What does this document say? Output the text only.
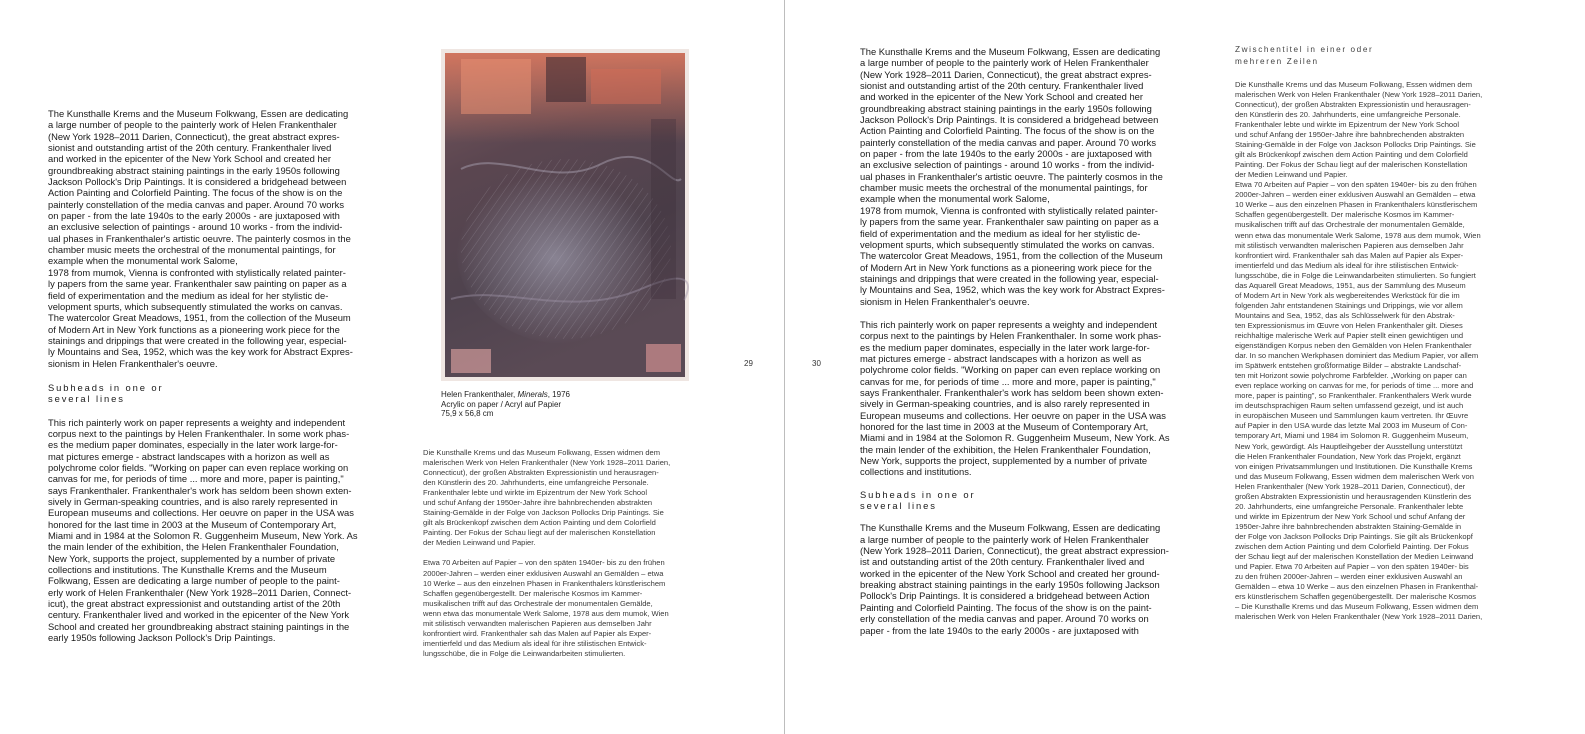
The Kunsthalle Krems and the Museum Folkwang, Essen are dedicating
a large number of people to the painterly work of Helen Frankenthaler
(New York 1928–2011 Darien, Connecticut), the great abstract expres-
sionist and outstanding artist of the 20th century. Frankenthaler lived
and worked in the epicenter of the New York School and created her
groundbreaking abstract staining paintings in the early 1950s following
Jackson Pollock's Drip Paintings. It is considered a bridgehead between
Action Painting and Colorfield Painting. The focus of the show is on the
painterly constellation of the media canvas and paper. Around 70 works
on paper - from the late 1940s to the early 2000s - are juxtaposed with
an exclusive selection of paintings - around 10 works - from the individ-
ual phases in Frankenthaler's artistic oeuvre. The painterly cosmos in the
chamber music meets the orchestral of the monumental paintings, for
example when the monumental work Salome,
1978 from mumok, Vienna is confronted with stylistically related painter-
ly papers from the same year. Frankenthaler saw painting on paper as a
field of experimentation and the medium as ideal for her stylistic de-
velopment spurts, which subsequently stimulated the works on canvas.
The watercolor Great Meadows, 1951, from the collection of the Museum
of Modern Art in New York functions as a pioneering work piece for the
stainings and drippings that were created in the following year, especial-
ly Mountains and Sea, 1952, which was the key work for Abstract Expres-
sionism in Helen Frankenthaler's oeuvre.

Subheads in one or
several lines

This rich painterly work on paper represents a weighty and independent
corpus next to the paintings by Helen Frankenthaler. In some work phas-
es the medium paper dominates, especially in the later work large-for-
mat pictures emerge - abstract landscapes with a horizon as well as
polychrome color fields. "Working on paper can even replace working on
canvas for me, for periods of time ... more and more, paper is painting,"
says Frankenthaler. Frankenthaler's work has seldom been shown exten-
sively in German-speaking countries, and is also rarely represented in
European museums and collections. Her oeuvre on paper in the USA was
honored for the last time in 2003 at the Museum of Contemporary Art,
Miami and in 1984 at the Solomon R. Guggenheim Museum, New York. As
the main lender of the exhibition, the Helen Frankenthaler Foundation,
New York, supports the project, supplemented by a number of private
collections and institutions. The Kunsthalle Krems and the Museum
Folkwang, Essen are dedicating a large number of people to the paint-
erly work of Helen Frankenthaler (New York 1928–2011 Darien, Connect-
icut), the great abstract expressionist and outstanding artist of the 20th
century. Frankenthaler lived and worked in the epicenter of the New York
School and created her groundbreaking abstract staining paintings in the
early 1950s following Jackson Pollock's Drip Paintings.

Helen Frankenthaler, Minerals, 1976
Acrylic on paper / Acryl auf Papier
75,9 x 56,8 cm

Die Kunsthalle Krems und das Museum Folkwang, Essen widmen dem
malerischen Werk von Helen Frankenthaler (New York 1928–2011 Darien,
Connecticut), der großen Abstrakten Expressionistin und herausragen-
den Künstlerin des 20. Jahrhunderts, eine umfangreiche Personale.
Frankenthaler lebte und wirkte im Epizentrum der New York School
und schuf Anfang der 1950er-Jahre ihre bahnbrechenden abstrakten
Staining-Gemälde in der Folge von Jackson Pollocks Drip Paintings. Sie
gilt als Brückenkopf zwischen dem Action Painting und dem Colorfield
Painting. Der Fokus der Schau liegt auf der malerischen Konstellation
der Medien Leinwand und Papier.

Etwa 70 Arbeiten auf Papier – von den späten 1940er- bis zu den frühen
2000er-Jahren – werden einer exklusiven Auswahl an Gemälden – etwa
10 Werke – aus den einzelnen Phasen in Frankenthalers künstlerischem
Schaffen gegenübergestellt. Der malerische Kosmos im Kammer-
musikalischen trifft auf das Orchestrale der monumentalen Gemälde,
wenn etwa das monumentale Werk Salome, 1978 aus dem mumok, Wien
mit stilistisch verwandten malerischen Papieren aus demselben Jahr
konfrontiert wird. Frankenthaler sah das Malen auf Papier als Exper-
imentierfeld und das Medium als ideal für ihre stilistischen Entwick-
lungsschübe, die in Folge die Leinwandarbeiten stimulierten.

29	30

The Kunsthalle Krems and the Museum Folkwang, Essen are dedicating
a large number of people to the painterly work of Helen Frankenthaler
(New York 1928–2011 Darien, Connecticut), the great abstract expres-
sionist and outstanding artist of the 20th century. Frankenthaler lived
and worked in the epicenter of the New York School and created her
groundbreaking abstract staining paintings in the early 1950s following
Jackson Pollock's Drip Paintings. It is considered a bridgehead between
Action Painting and Colorfield Painting. The focus of the show is on the
painterly constellation of the media canvas and paper. Around 70 works
on paper - from the late 1940s to the early 2000s - are juxtaposed with
an exclusive selection of paintings - around 10 works - from the individ-
ual phases in Frankenthaler's artistic oeuvre. The painterly cosmos in the
chamber music meets the orchestral of the monumental paintings, for
example when the monumental work Salome,
1978 from mumok, Vienna is confronted with stylistically related painter-
ly papers from the same year. Frankenthaler saw painting on paper as a
field of experimentation and the medium as ideal for her stylistic de-
velopment spurts, which subsequently stimulated the works on canvas.
The watercolor Great Meadows, 1951, from the collection of the Museum
of Modern Art in New York functions as a pioneering work piece for the
stainings and drippings that were created in the following year, especial-
ly Mountains and Sea, 1952, which was the key work for Abstract Expres-
sionism in Helen Frankenthaler's oeuvre.

This rich painterly work on paper represents a weighty and independent
corpus next to the paintings by Helen Frankenthaler. In some work phas-
es the medium paper dominates, especially in the later work large-for-
mat pictures emerge - abstract landscapes with a horizon as well as
polychrome color fields. "Working on paper can even replace working on
canvas for me, for periods of time ... more and more, paper is painting,"
says Frankenthaler. Frankenthaler's work has seldom been shown exten-
sively in German-speaking countries, and is also rarely represented in
European museums and collections. Her oeuvre on paper in the USA was
honored for the last time in 2003 at the Museum of Contemporary Art,
Miami and in 1984 at the Solomon R. Guggenheim Museum, New York. As
the main lender of the exhibition, the Helen Frankenthaler Foundation,
New York, supports the project, supplemented by a number of private
collections and institutions.

Subheads in one or
several lines

The Kunsthalle Krems and the Museum Folkwang, Essen are dedicating
a large number of people to the painterly work of Helen Frankenthaler
(New York 1928–2011 Darien, Connecticut), the great abstract expression-
ist and outstanding artist of the 20th century. Frankenthaler lived and
worked in the epicenter of the New York School and created her ground-
breaking abstract staining paintings in the early 1950s following Jackson
Pollock's Drip Paintings. It is considered a bridgehead between Action
Painting and Colorfield Painting. The focus of the show is on the paint-
erly constellation of the media canvas and paper. Around 70 works on
paper - from the late 1940s to the early 2000s - are juxtaposed with

Zwischentitel in einer oder
mehreren Zeilen

Die Kunsthalle Krems und das Museum Folkwang, Essen widmen dem
malerischen Werk von Helen Frankenthaler (New York 1928–2011 Darien,
Connecticut), der großen Abstrakten Expressionistin und herausragen-
den Künstlerin des 20. Jahrhunderts, eine umfangreiche Personale.
Frankenthaler lebte und wirkte im Epizentrum der New York School
und schuf Anfang der 1950er-Jahre ihre bahnbrechenden abstrakten
Staining-Gemälde in der Folge von Jackson Pollocks Drip Paintings. Sie
gilt als Brückenkopf zwischen dem Action Painting und dem Colorfield
Painting. Der Fokus der Schau liegt auf der malerischen Konstellation
der Medien Leinwand und Papier.
Etwa 70 Arbeiten auf Papier – von den späten 1940er- bis zu den frühen
2000er-Jahren – werden einer exklusiven Auswahl an Gemälden – etwa
10 Werke – aus den einzelnen Phasen in Frankenthalers künstlerischem
Schaffen gegenübergestellt. Der malerische Kosmos im Kammer-
musikalischen trifft auf das Orchestrale der monumentalen Gemälde,
wenn etwa das monumentale Werk Salome, 1978 aus dem mumok, Wien
mit stilistisch verwandten malerischen Papieren aus demselben Jahr
konfrontiert wird. Frankenthaler sah das Malen auf Papier als Exper-
imentierfeld und das Medium als ideal für ihre stilistischen Entwick-
lungsschübe, die in Folge die Leinwandarbeiten stimulierten. So fungiert
das Aquarell Great Meadows, 1951, aus der Sammlung des Museum
of Modern Art in New York als wegbereitendes Werkstück für die im
folgenden Jahr entstandenen Stainings und Drippings, wie vor allem
Mountains and Sea, 1952, das als Schlüsselwerk für den Abstrak-
ten Expressionismus im Œuvre von Helen Frankenthaler gilt. Dieses
reichhaltige malerische Werk auf Papier stellt einen gewichtigen und
eigenständigen Korpus neben den Gemälden von Helen Frankenthaler
dar. In so manchen Werkphasen dominiert das Medium Papier, vor allem
im Spätwerk entstehen großformatige Bilder – abstrakte Landschaf-
ten mit Horizont sowie polychrome Farbfelder. „Working on paper can
even replace working on canvas for me, for periods of time ... more and
more, paper is painting", so Frankenthaler. Frankenthalers Werk wurde
im deutschsprachigen Raum selten umfassend gezeigt, und ist auch
in europäischen Museen und Sammlungen kaum vertreten. Ihr Œuvre
auf Papier in den USA wurde das letzte Mal 2003 im Museum of Con-
temporary Art, Miami und 1984 im Solomon R. Guggenheim Museum,
New York, gewürdigt. Als Hauptleihgeber der Ausstellung unterstützt
die Helen Frankenthaler Foundation, New York das Projekt, ergänzt
von einigen Privatsammlungen und Institutionen. Die Kunsthalle Krems
und das Museum Folkwang, Essen widmen dem malerischen Werk von
Helen Frankenthaler (New York 1928–2011 Darien, Connecticut), der
großen Abstrakten Expressionistin und herausragenden Künstlerin des
20. Jahrhunderts, eine umfangreiche Personale. Frankenthaler lebte
und wirkte im Epizentrum der New York School und schuf Anfang der
1950er-Jahre ihre bahnbrechenden abstrakten Staining-Gemälde in
der Folge von Jackson Pollocks Drip Paintings. Sie gilt als Brückenkopf
zwischen dem Action Painting und dem Colorfield Painting. Der Fokus
der Schau liegt auf der malerischen Konstellation der Medien Leinwand
und Papier. Etwa 70 Arbeiten auf Papier – von den späten 1940er- bis
zu den frühen 2000er-Jahren – werden einer exklusiven Auswahl an
Gemälden – etwa 10 Werke – aus den einzelnen Phasen in Frankenthal-
ers künstlerischem Schaffen gegenübergestellt. Der malerische Kosmos
– Die Kunsthalle Krems und das Museum Folkwang, Essen widmen dem
malerischen Werk von Helen Frankenthaler (New York 1928–2011 Darien,
